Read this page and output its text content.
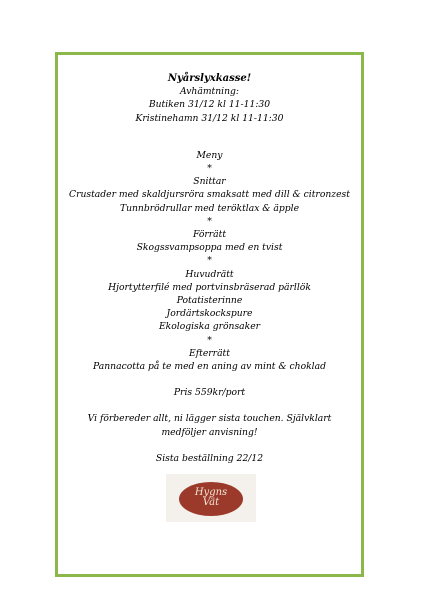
Nyårslyxkasse!
Avhämtning:
Butiken 31/12 kl 11-11:30
Kristinehamn 31/12 kl 11-11:30
Meny
*
Snittar
Crustader med skaldjursröra smaksatt med dill & citronzest
Tunnbrödrullar med teröktlax & äpple
*
Förrätt
Skogssvampsoppa med en tvist
*
Huvudrätt
Hjortytterfilé med portvinsbräserad pärllök
Potatisterinne
Jordärtskockspure
Ekologiska grönsaker
*
Efterrätt
Pannacotta på te med en aning av mint & choklad
Pris 559kr/port
Vi förbereder allt, ni lägger sista touchen. Självklart medföljer anvisning!
Sista beställning 22/12
Hygns
Vät
